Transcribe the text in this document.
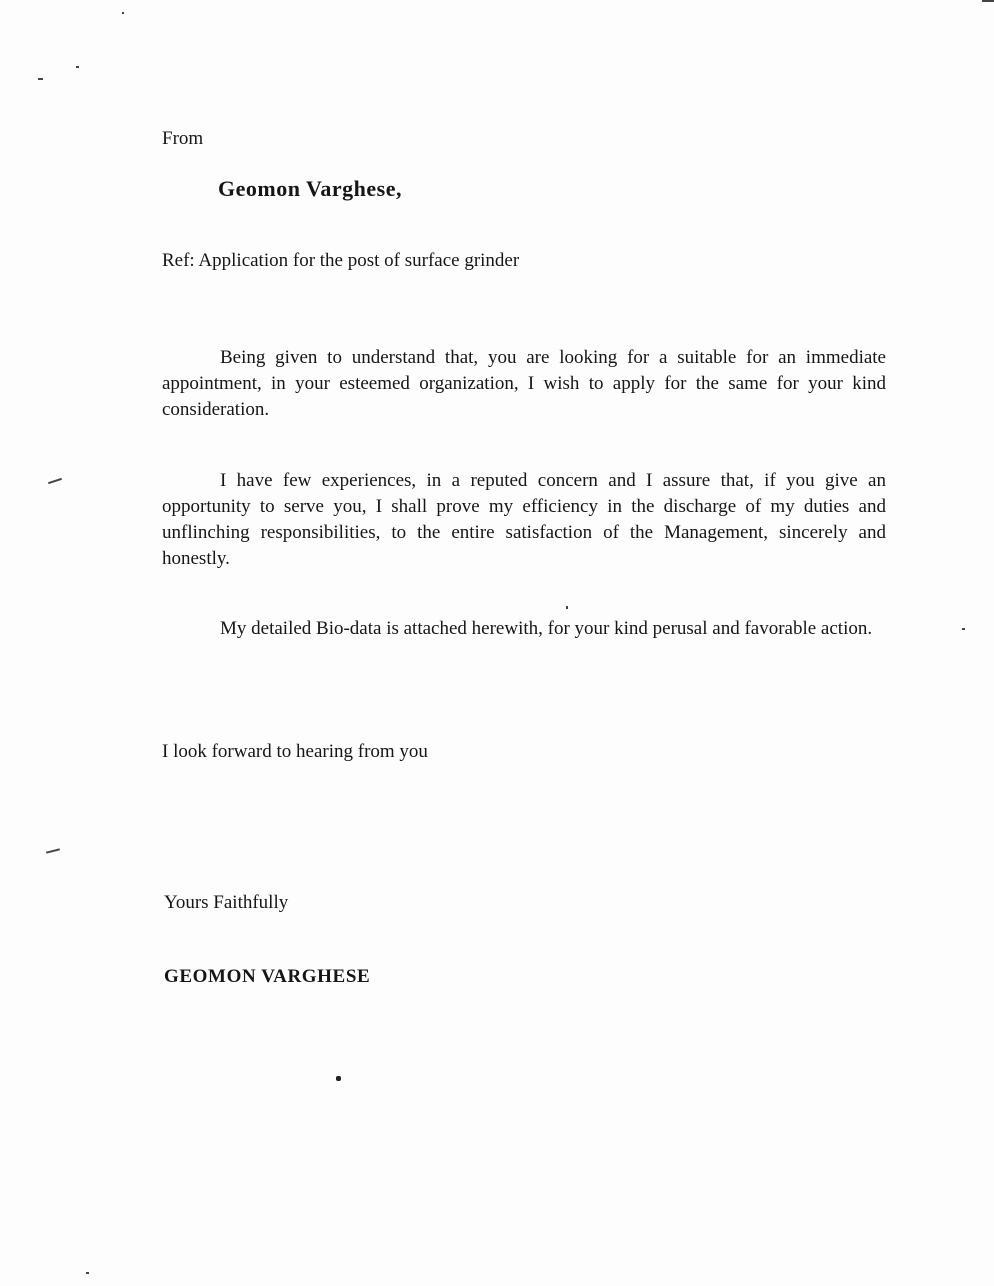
From
Geomon Varghese,
Ref: Application for the post of surface grinder
Being given to understand that, you are looking for a suitable for an immediate appointment, in your esteemed organization, I wish to apply for the same for your kind consideration.
I have few experiences, in a reputed concern and I assure that, if you give an opportunity to serve you, I shall prove my efficiency in the discharge of my duties and unflinching responsibilities, to the entire satisfaction of the Management, sincerely and honestly.
My detailed Bio-data is attached herewith, for your kind perusal and favorable action.
I look forward to hearing from you
Yours Faithfully
GEOMON VARGHESE
